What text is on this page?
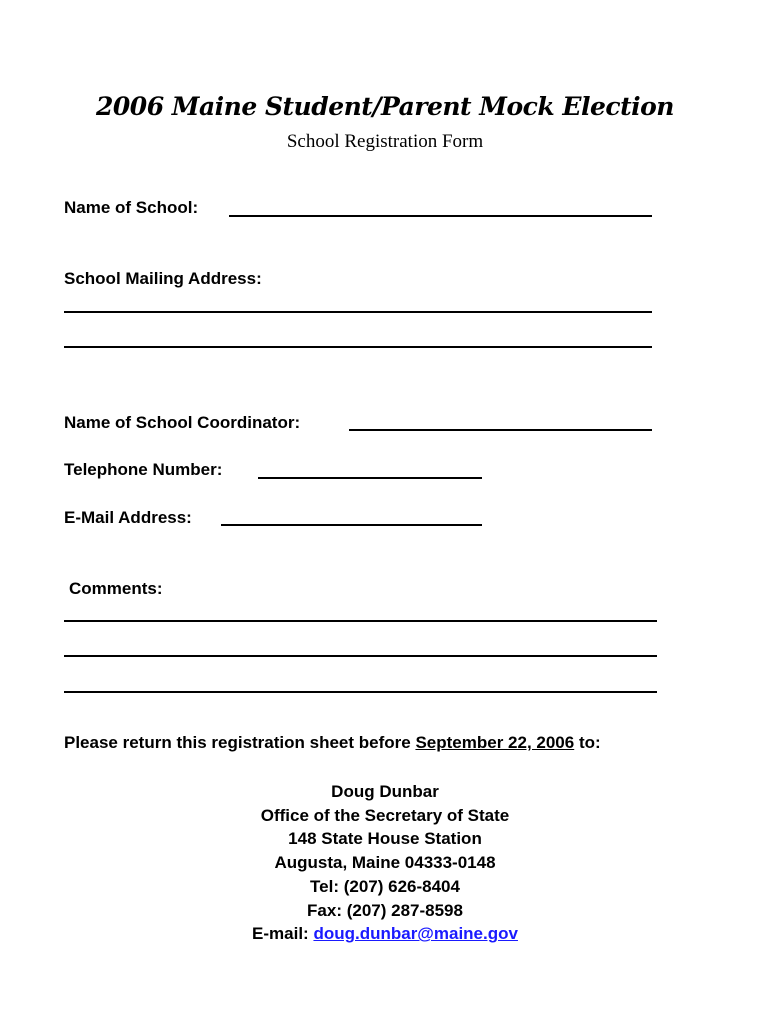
2006 Maine Student/Parent Mock Election
School Registration Form
Name of School:
School Mailing Address:
Name of School Coordinator:
Telephone Number:
E-Mail Address:
Comments:
Please return this registration sheet before September 22, 2006 to:
Doug Dunbar
Office of the Secretary of State
148 State House Station
Augusta, Maine 04333-0148
Tel: (207) 626-8404
Fax: (207) 287-8598
E-mail: doug.dunbar@maine.gov
